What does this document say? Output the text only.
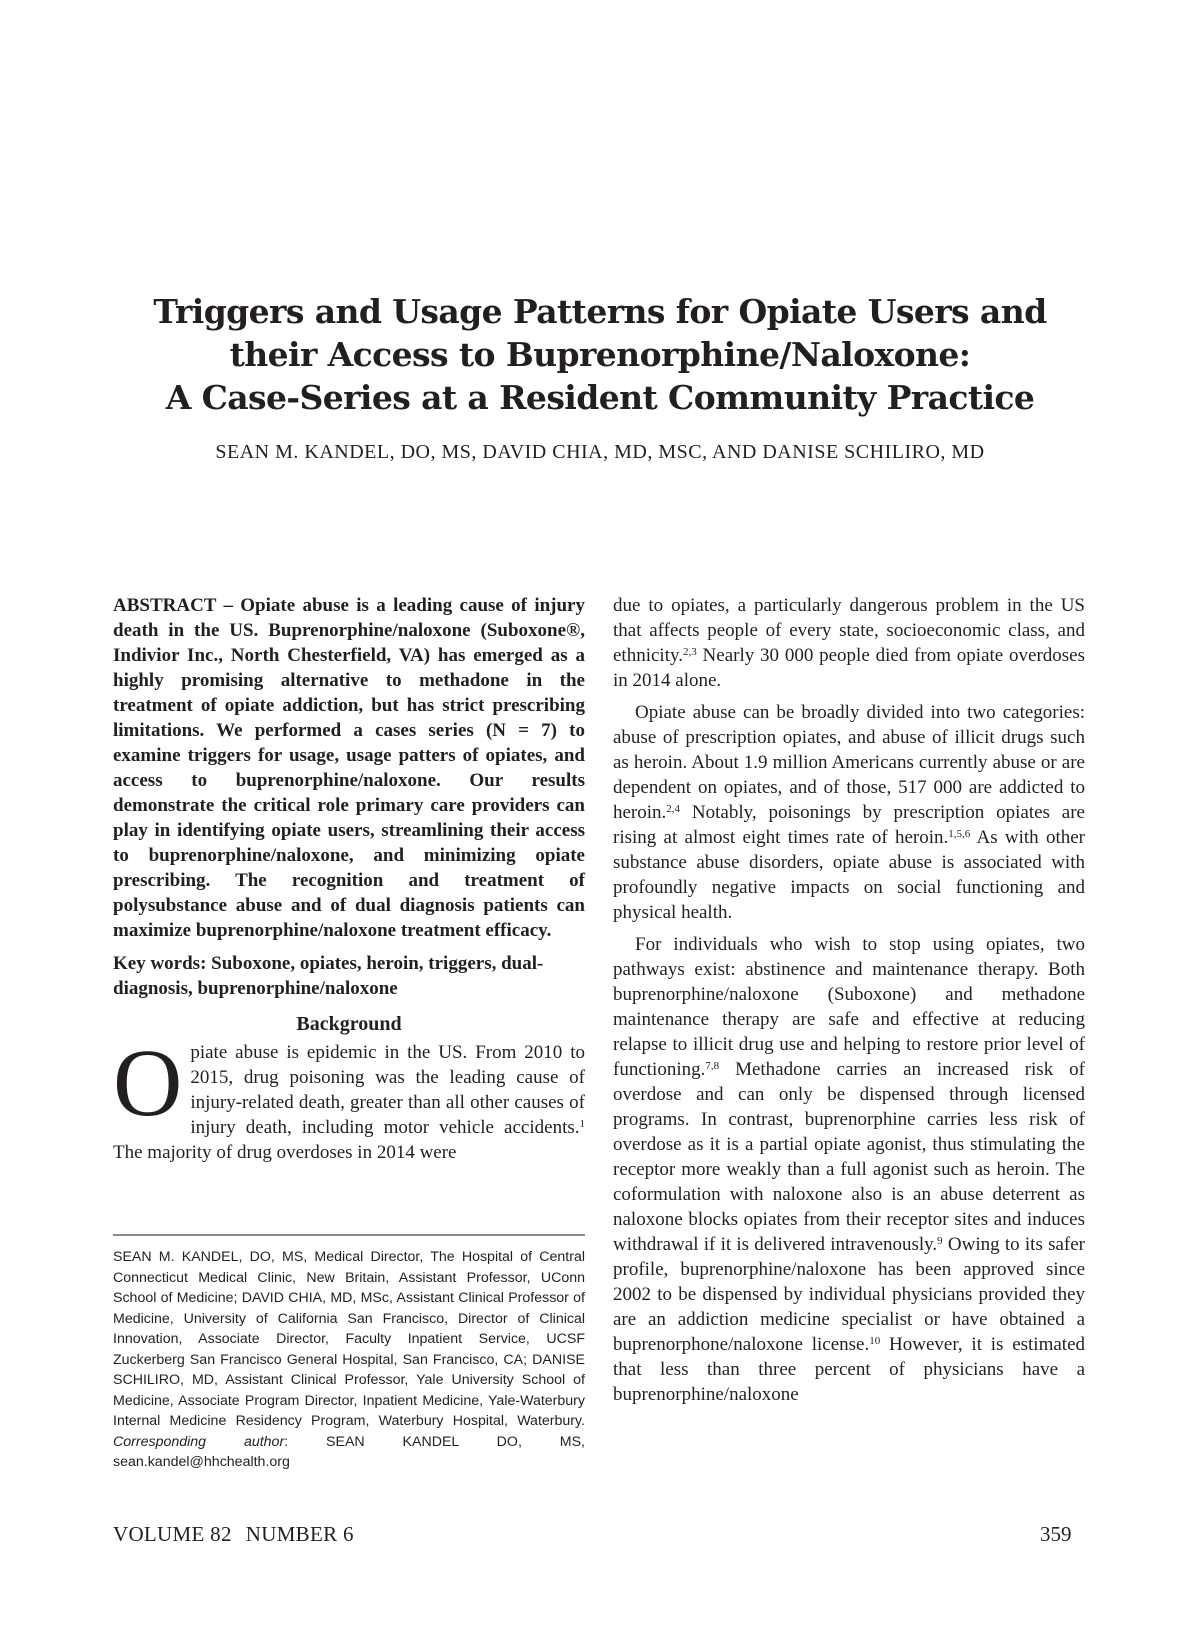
Triggers and Usage Patterns for Opiate Users and
their Access to Buprenorphine/Naloxone:
A Case-Series at a Resident Community Practice
SEAN M. KANDEL, DO, MS, DAVID CHIA, MD, MSC, AND DANISE SCHILIRO, MD

ABSTRACT – Opiate abuse is a leading cause of injury death in the US. Buprenorphine/naloxone (Suboxone®, Indivior Inc., North Chesterfield, VA) has emerged as a highly promising alternative to methadone in the treatment of opiate addiction, but has strict prescribing limitations. We performed a cases series (N = 7) to examine triggers for usage, usage patters of opiates, and access to buprenorphine/naloxone. Our results demonstrate the critical role primary care providers can play in identifying opiate users, streamlining their access to buprenorphine/naloxone, and minimizing opiate prescribing. The recognition and treatment of polysubstance abuse and of dual diagnosis patients can maximize buprenorphine/naloxone treatment efficacy.

Key words: Suboxone, opiates, heroin, triggers, dual-diagnosis, buprenorphine/naloxone

Background

Opiate abuse is epidemic in the US. From 2010 to 2015, drug poisoning was the leading cause of injury-related death, greater than all other causes of injury death, including motor vehicle accidents.$^1$ The majority of drug overdoses in 2014 were

SEAN M. KANDEL, DO, MS, Medical Director, The Hospital of Central Connecticut Medical Clinic, New Britain, Assistant Professor, UConn School of Medicine; DAVID CHIA, MD, MSc, Assistant Clinical Professor of Medicine, University of California San Francisco, Director of Clinical Innovation, Associate Director, Faculty Inpatient Service, UCSF Zuckerberg San Francisco General Hospital, San Francisco, CA; DANISE SCHILIRO, MD, Assistant Clinical Professor, Yale University School of Medicine, Associate Program Director, Inpatient Medicine, Yale-Waterbury Internal Medicine Residency Program, Waterbury Hospital, Waterbury. Corresponding author: SEAN KANDEL DO, MS, sean.kandel@hhchealth.org

due to opiates, a particularly dangerous problem in the US that affects people of every state, socioeconomic class, and ethnicity.$^{2,3}$ Nearly 30 000 people died from opiate overdoses in 2014 alone.

Opiate abuse can be broadly divided into two categories: abuse of prescription opiates, and abuse of illicit drugs such as heroin. About 1.9 million Americans currently abuse or are dependent on opiates, and of those, 517 000 are addicted to heroin.$^{2,4}$ Notably, poisonings by prescription opiates are rising at almost eight times rate of heroin.$^{1,5,6}$ As with other substance abuse disorders, opiate abuse is associated with profoundly negative impacts on social functioning and physical health.

For individuals who wish to stop using opiates, two pathways exist: abstinence and maintenance therapy. Both buprenorphine/naloxone (Suboxone) and methadone maintenance therapy are safe and effective at reducing relapse to illicit drug use and helping to restore prior level of functioning.$^{7,8}$ Methadone carries an increased risk of overdose and can only be dispensed through licensed programs. In contrast, buprenorphine carries less risk of overdose as it is a partial opiate agonist, thus stimulating the receptor more weakly than a full agonist such as heroin. The coformulation with naloxone also is an abuse deterrent as naloxone blocks opiates from their receptor sites and induces withdrawal if it is delivered intravenously.$^9$ Owing to its safer profile, buprenorphine/naloxone has been approved since 2002 to be dispensed by individual physicians provided they are an addiction medicine specialist or have obtained a buprenorphone/naloxone license.$^{10}$ However, it is estimated that less than three percent of physicians have a buprenorphine/naloxone

VOLUME 82 NUMBER 6	359
